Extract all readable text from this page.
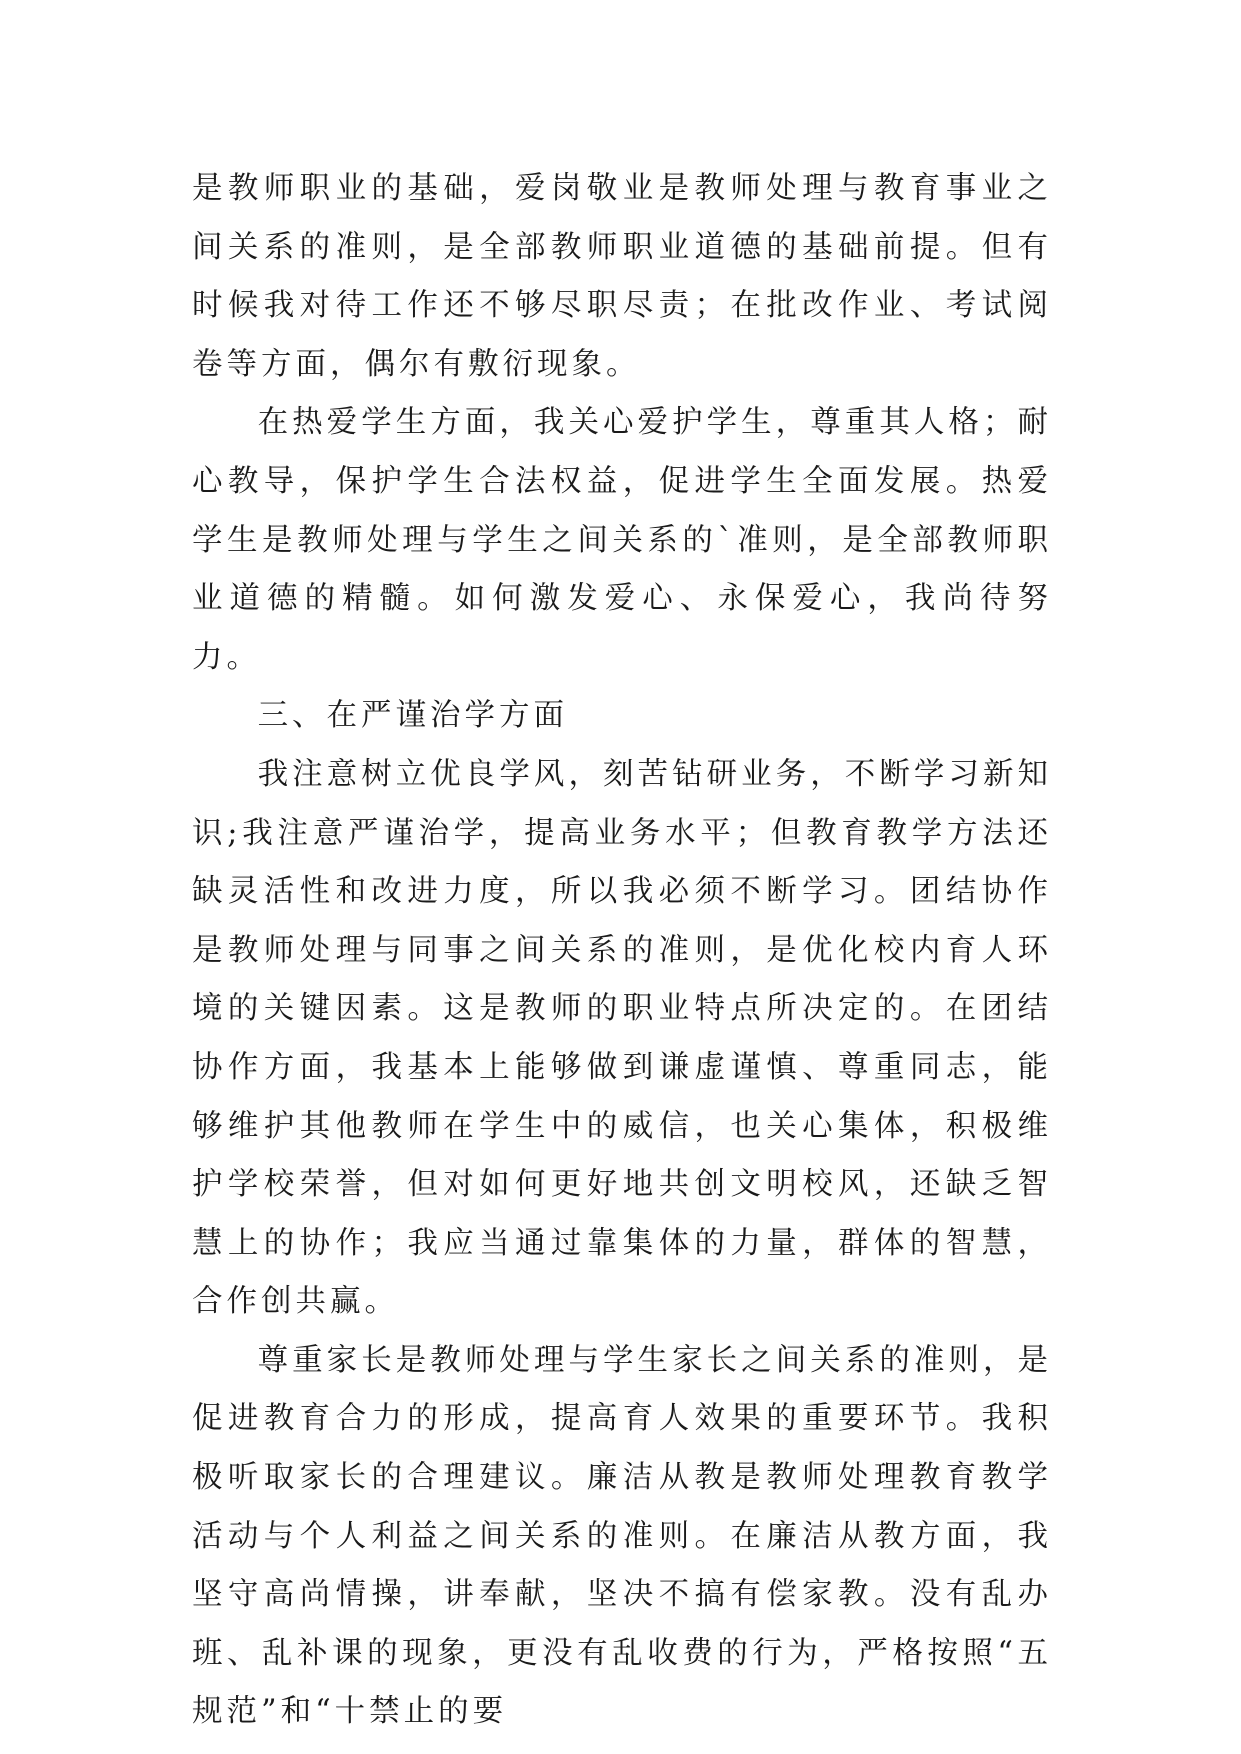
是教师职业的基础，爱岗敬业是教师处理与教育事业之间关系的准则，是全部教师职业道德的基础前提。但有时候我对待工作还不够尽职尽责；在批改作业、考试阅卷等方面，偶尔有敷衍现象。

在热爱学生方面，我关心爱护学生，尊重其人格；耐心教导，保护学生合法权益，促进学生全面发展。热爱学生是教师处理与学生之间关系的`准则，是全部教师职业道德的精髓。如何激发爱心、永保爱心，我尚待努力。

三、在严谨治学方面

我注意树立优良学风，刻苦钻研业务，不断学习新知识;我注意严谨治学，提高业务水平；但教育教学方法还缺灵活性和改进力度，所以我必须不断学习。团结协作是教师处理与同事之间关系的准则，是优化校内育人环境的关键因素。这是教师的职业特点所决定的。在团结协作方面，我基本上能够做到谦虚谨慎、尊重同志，能够维护其他教师在学生中的威信，也关心集体，积极维护学校荣誉，但对如何更好地共创文明校风，还缺乏智慧上的协作；我应当通过靠集体的力量，群体的智慧，合作创共赢。

尊重家长是教师处理与学生家长之间关系的准则，是促进教育合力的形成，提高育人效果的重要环节。我积极听取家长的合理建议。廉洁从教是教师处理教育教学活动与个人利益之间关系的准则。在廉洁从教方面，我坚守高尚情操，讲奉献，坚决不搞有偿家教。没有乱办班、乱补课的现象，更没有乱收费的行为，严格按照“五规范”和“十禁止的要
